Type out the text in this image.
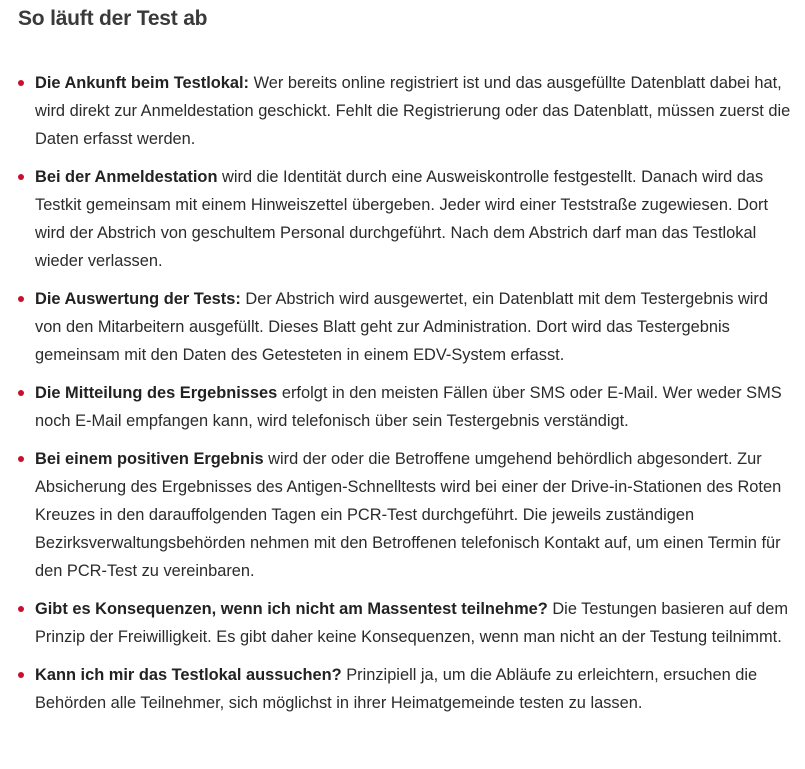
So läuft der Test ab
Die Ankunft beim Testlokal: Wer bereits online registriert ist und das ausgefüllte Datenblatt dabei hat, wird direkt zur Anmeldestation geschickt. Fehlt die Registrierung oder das Datenblatt, müssen zuerst die Daten erfasst werden.
Bei der Anmeldestation wird die Identität durch eine Ausweiskontrolle festgestellt. Danach wird das Testkit gemeinsam mit einem Hinweiszettel übergeben. Jeder wird einer Teststraße zugewiesen. Dort wird der Abstrich von geschultem Personal durchgeführt. Nach dem Abstrich darf man das Testlokal wieder verlassen.
Die Auswertung der Tests: Der Abstrich wird ausgewertet, ein Datenblatt mit dem Testergebnis wird von den Mitarbeitern ausgefüllt. Dieses Blatt geht zur Administration. Dort wird das Testergebnis gemeinsam mit den Daten des Getesteten in einem EDV-System erfasst.
Die Mitteilung des Ergebnisses erfolgt in den meisten Fällen über SMS oder E-Mail. Wer weder SMS noch E-Mail empfangen kann, wird telefonisch über sein Testergebnis verständigt.
Bei einem positiven Ergebnis wird der oder die Betroffene umgehend behördlich abgesondert. Zur Absicherung des Ergebnisses des Antigen-Schnelltests wird bei einer der Drive-in-Stationen des Roten Kreuzes in den darauffolgenden Tagen ein PCR-Test durchgeführt. Die jeweils zuständigen Bezirksverwaltungsbehörden nehmen mit den Betroffenen telefonisch Kontakt auf, um einen Termin für den PCR-Test zu vereinbaren.
Gibt es Konsequenzen, wenn ich nicht am Massentest teilnehme? Die Testungen basieren auf dem Prinzip der Freiwilligkeit. Es gibt daher keine Konsequenzen, wenn man nicht an der Testung teilnimmt.
Kann ich mir das Testlokal aussuchen? Prinzipiell ja, um die Abläufe zu erleichtern, ersuchen die Behörden alle Teilnehmer, sich möglichst in ihrer Heimatgemeinde testen zu lassen.
